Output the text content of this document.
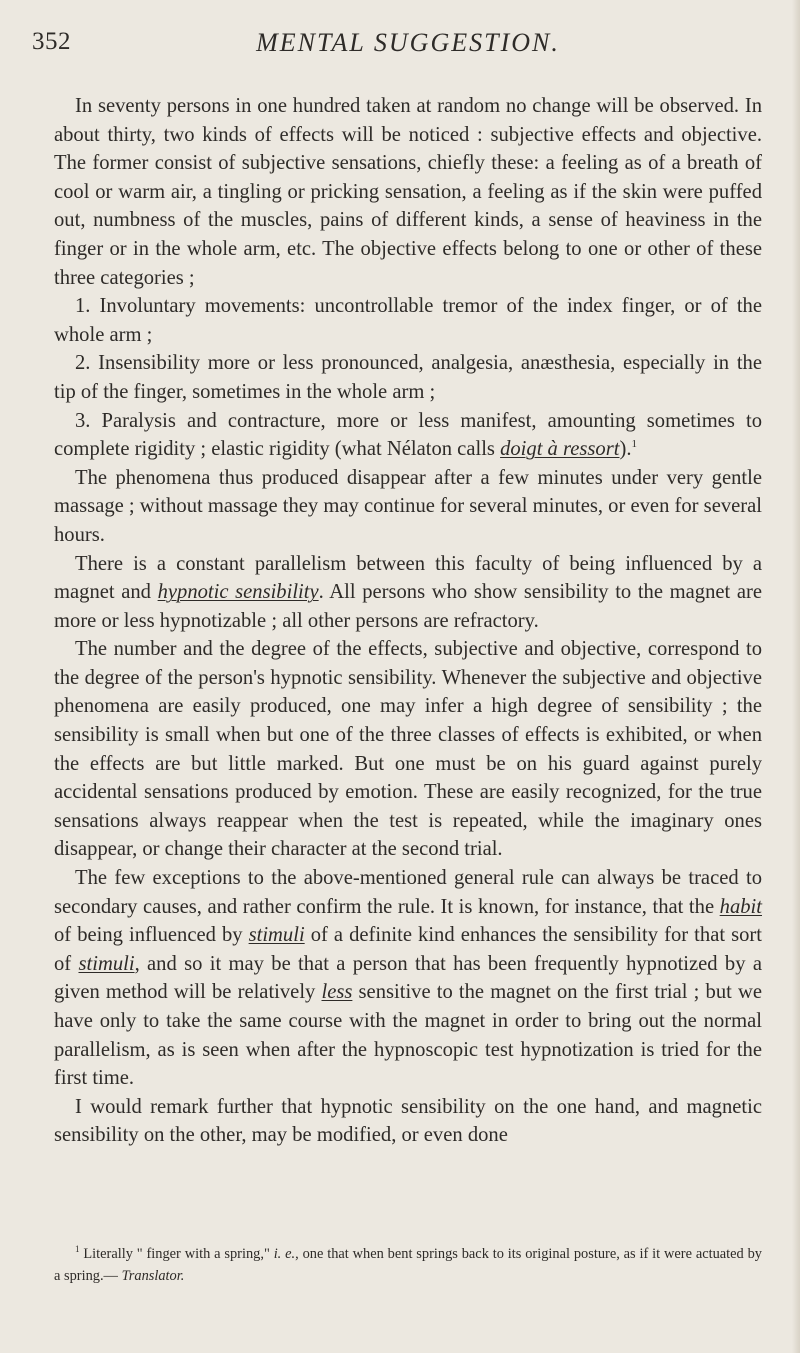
352	MENTAL SUGGESTION.

In seventy persons in one hundred taken at random no change will be observed. In about thirty, two kinds of effects will be noticed : subjective effects and objective. The former consist of subjective sensations, chiefly these: a feeling as of a breath of cool or warm air, a tingling or pricking sensation, a feeling as if the skin were puffed out, numbness of the muscles, pains of different kinds, a sense of heaviness in the finger or in the whole arm, etc. The objective effects belong to one or other of these three categories ;

1. Involuntary movements: uncontrollable tremor of the index finger, or of the whole arm ;

2. Insensibility more or less pronounced, analgesia, anæsthesia, especially in the tip of the finger, sometimes in the whole arm ;

3. Paralysis and contracture, more or less manifest, amounting sometimes to complete rigidity ; elastic rigidity (what Nélaton calls doigt à ressort).$^1$

The phenomena thus produced disappear after a few minutes under very gentle massage ; without massage they may continue for several minutes, or even for several hours.

There is a constant parallelism between this faculty of being influenced by a magnet and hypnotic sensibility. All persons who show sensibility to the magnet are more or less hypnotizable ; all other persons are refractory.

The number and the degree of the effects, subjective and objective, correspond to the degree of the person's hypnotic sensibility. Whenever the subjective and objective phenomena are easily produced, one may infer a high degree of sensibility ; the sensibility is small when but one of the three classes of effects is exhibited, or when the effects are but little marked. But one must be on his guard against purely accidental sensations produced by emotion. These are easily recognized, for the true sensations always reappear when the test is repeated, while the imaginary ones disappear, or change their character at the second trial.

The few exceptions to the above-mentioned general rule can always be traced to secondary causes, and rather confirm the rule. It is known, for instance, that the habit of being influenced by stimuli of a definite kind enhances the sensibility for that sort of stimuli, and so it may be that a person that has been frequently hypnotized by a given method will be relatively less sensitive to the magnet on the first trial ; but we have only to take the same course with the magnet in order to bring out the normal parallelism, as is seen when after the hypnoscopic test hypnotization is tried for the first time.

I would remark further that hypnotic sensibility on the one hand, and magnetic sensibility on the other, may be modified, or even done

$^1$ Literally " finger with a spring," i. e., one that when bent springs back to its original posture, as if it were actuated by a spring.— Translator.
